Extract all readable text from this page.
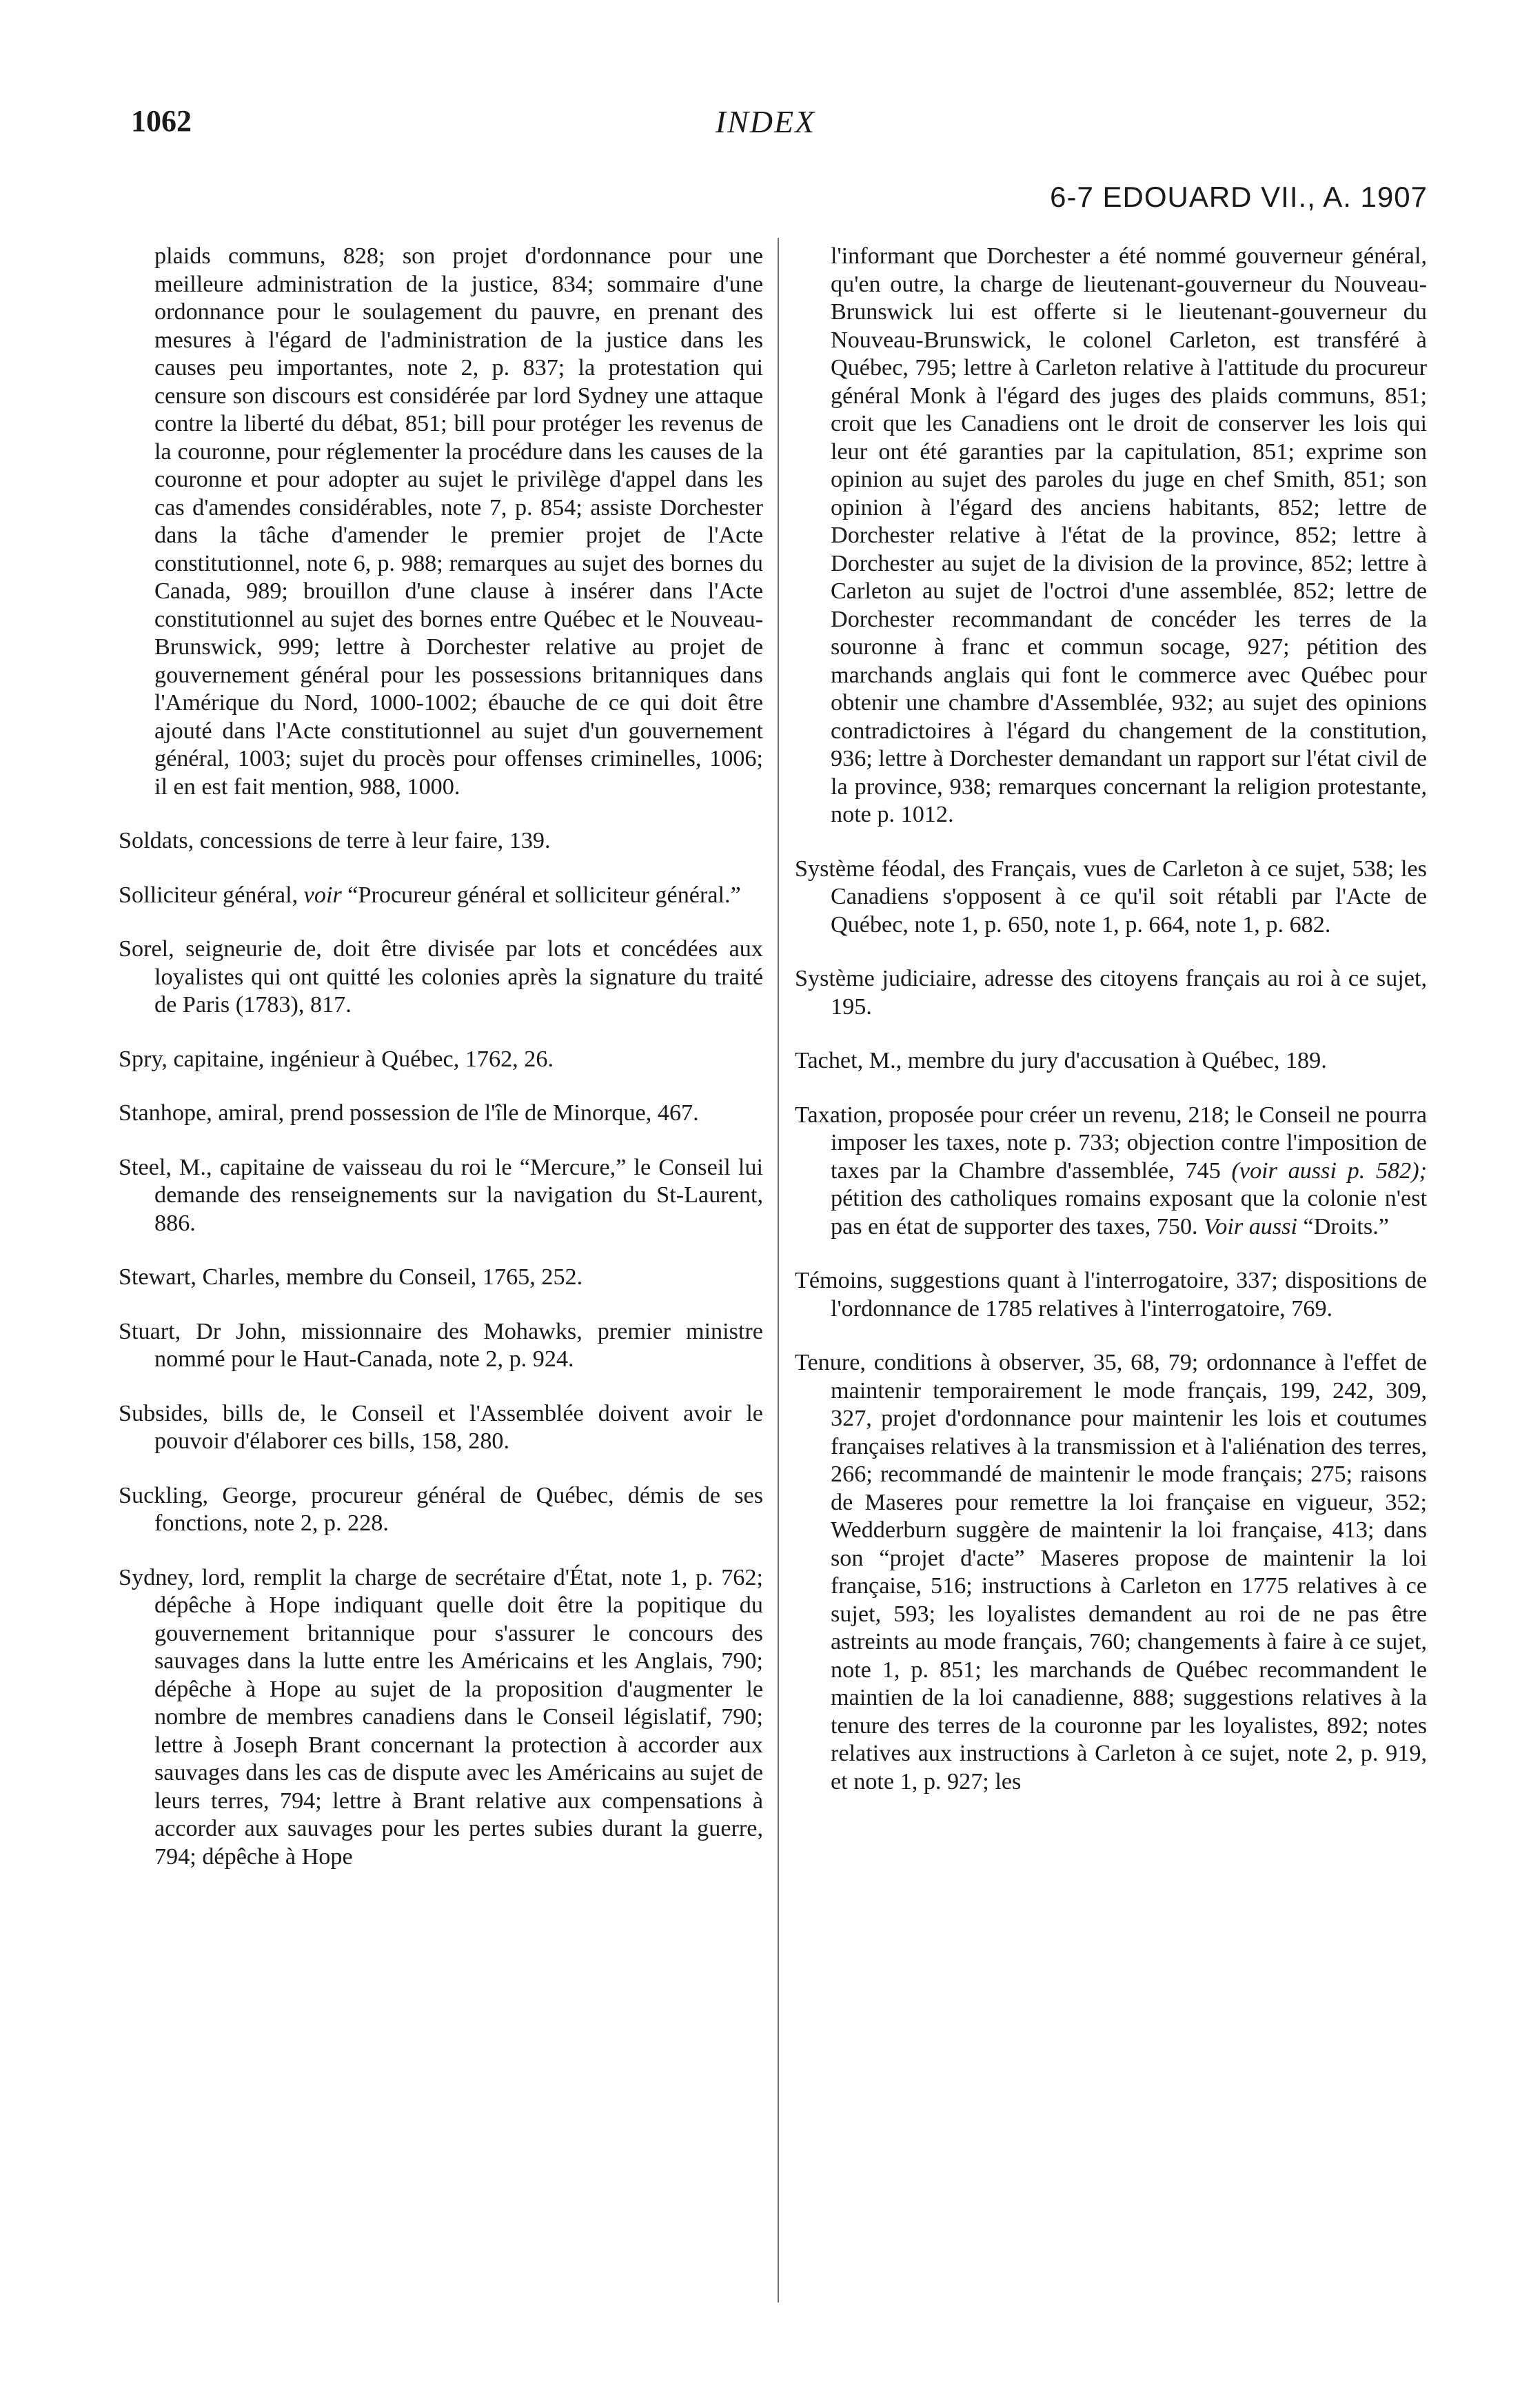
1062	INDEX
6-7 EDOUARD VII., A. 1907

plaids communs, 828; son projet d'ordonnance pour une meilleure administration de la justice, 834; sommaire d'une ordonnance pour le soulagement du pauvre, en prenant des mesures à l'égard de l'administration de la justice dans les causes peu importantes, note 2, p. 837; la protestation qui censure son discours est considérée par lord Sydney une attaque contre la liberté du débat, 851; bill pour protéger les revenus de la couronne, pour réglementer la procédure dans les causes de la couronne et pour adopter au sujet le privilège d'appel dans les cas d'amendes considérables, note 7, p. 854; assiste Dorchester dans la tâche d'amender le premier projet de l'Acte constitutionnel, note 6, p. 988; remarques au sujet des bornes du Canada, 989; brouillon d'une clause à insérer dans l'Acte constitutionnel au sujet des bornes entre Québec et le Nouveau-Brunswick, 999; lettre à Dorchester relative au projet de gouvernement général pour les possessions britanniques dans l'Amérique du Nord, 1000-1002; ébauche de ce qui doit être ajouté dans l'Acte constitutionnel au sujet d'un gouvernement général, 1003; sujet du procès pour offenses criminelles, 1006; il en est fait mention, 988, 1000.

Soldats, concessions de terre à leur faire, 139.

Solliciteur général, voir “Procureur général et solliciteur général.”

Sorel, seigneurie de, doit être divisée par lots et concédées aux loyalistes qui ont quitté les colonies après la signature du traité de Paris (1783), 817.

Spry, capitaine, ingénieur à Québec, 1762, 26.

Stanhope, amiral, prend possession de l'île de Minorque, 467.

Steel, M., capitaine de vaisseau du roi le “Mercure,” le Conseil lui demande des renseignements sur la navigation du St-Laurent, 886.

Stewart, Charles, membre du Conseil, 1765, 252.

Stuart, Dr John, missionnaire des Mohawks, premier ministre nommé pour le Haut-Canada, note 2, p. 924.

Subsides, bills de, le Conseil et l'Assemblée doivent avoir le pouvoir d'élaborer ces bills, 158, 280.

Suckling, George, procureur général de Québec, démis de ses fonctions, note 2, p. 228.

Sydney, lord, remplit la charge de secrétaire d'État, note 1, p. 762; dépêche à Hope indiquant quelle doit être la popitique du gouvernement britannique pour s'assurer le concours des sauvages dans la lutte entre les Américains et les Anglais, 790; dépêche à Hope au sujet de la proposition d'augmenter le nombre de membres canadiens dans le Conseil législatif, 790; lettre à Joseph Brant concernant la protection à accorder aux sauvages dans les cas de dispute avec les Américains au sujet de leurs terres, 794; lettre à Brant relative aux compensations à accorder aux sauvages pour les pertes subies durant la guerre, 794; dépêche à Hope

l'informant que Dorchester a été nommé gouverneur général, qu'en outre, la charge de lieutenant-gouverneur du Nouveau-Brunswick lui est offerte si le lieutenant-gouverneur du Nouveau-Brunswick, le colonel Carleton, est transféré à Québec, 795; lettre à Carleton relative à l'attitude du procureur général Monk à l'égard des juges des plaids communs, 851; croit que les Canadiens ont le droit de conserver les lois qui leur ont été garanties par la capitulation, 851; exprime son opinion au sujet des paroles du juge en chef Smith, 851; son opinion à l'égard des anciens habitants, 852; lettre de Dorchester relative à l'état de la province, 852; lettre à Dorchester au sujet de la division de la province, 852; lettre à Carleton au sujet de l'octroi d'une assemblée, 852; lettre de Dorchester recommandant de concéder les terres de la souronne à franc et commun socage, 927; pétition des marchands anglais qui font le commerce avec Québec pour obtenir une chambre d'Assemblée, 932; au sujet des opinions contradictoires à l'égard du changement de la constitution, 936; lettre à Dorchester demandant un rapport sur l'état civil de la province, 938; remarques concernant la religion protestante, note p. 1012.

Système féodal, des Français, vues de Carleton à ce sujet, 538; les Canadiens s'opposent à ce qu'il soit rétabli par l'Acte de Québec, note 1, p. 650, note 1, p. 664, note 1, p. 682.

Système judiciaire, adresse des citoyens français au roi à ce sujet, 195.

Tachet, M., membre du jury d'accusation à Québec, 189.

Taxation, proposée pour créer un revenu, 218; le Conseil ne pourra imposer les taxes, note p. 733; objection contre l'imposition de taxes par la Chambre d'assemblée, 745 (voir aussi p. 582); pétition des catholiques romains exposant que la colonie n'est pas en état de supporter des taxes, 750. Voir aussi “Droits.”

Témoins, suggestions quant à l'interrogatoire, 337; dispositions de l'ordonnance de 1785 relatives à l'interrogatoire, 769.

Tenure, conditions à observer, 35, 68, 79; ordonnance à l'effet de maintenir temporairement le mode français, 199, 242, 309, 327, projet d'ordonnance pour maintenir les lois et coutumes françaises relatives à la transmission et à l'aliénation des terres, 266; recommandé de maintenir le mode français; 275; raisons de Maseres pour remettre la loi française en vigueur, 352; Wedderburn suggère de maintenir la loi française, 413; dans son “projet d'acte” Maseres propose de maintenir la loi française, 516; instructions à Carleton en 1775 relatives à ce sujet, 593; les loyalistes demandent au roi de ne pas être astreints au mode français, 760; changements à faire à ce sujet, note 1, p. 851; les marchands de Québec recommandent le maintien de la loi canadienne, 888; suggestions relatives à la tenure des terres de la couronne par les loyalistes, 892; notes relatives aux instructions à Carleton à ce sujet, note 2, p. 919, et note 1, p. 927; les
